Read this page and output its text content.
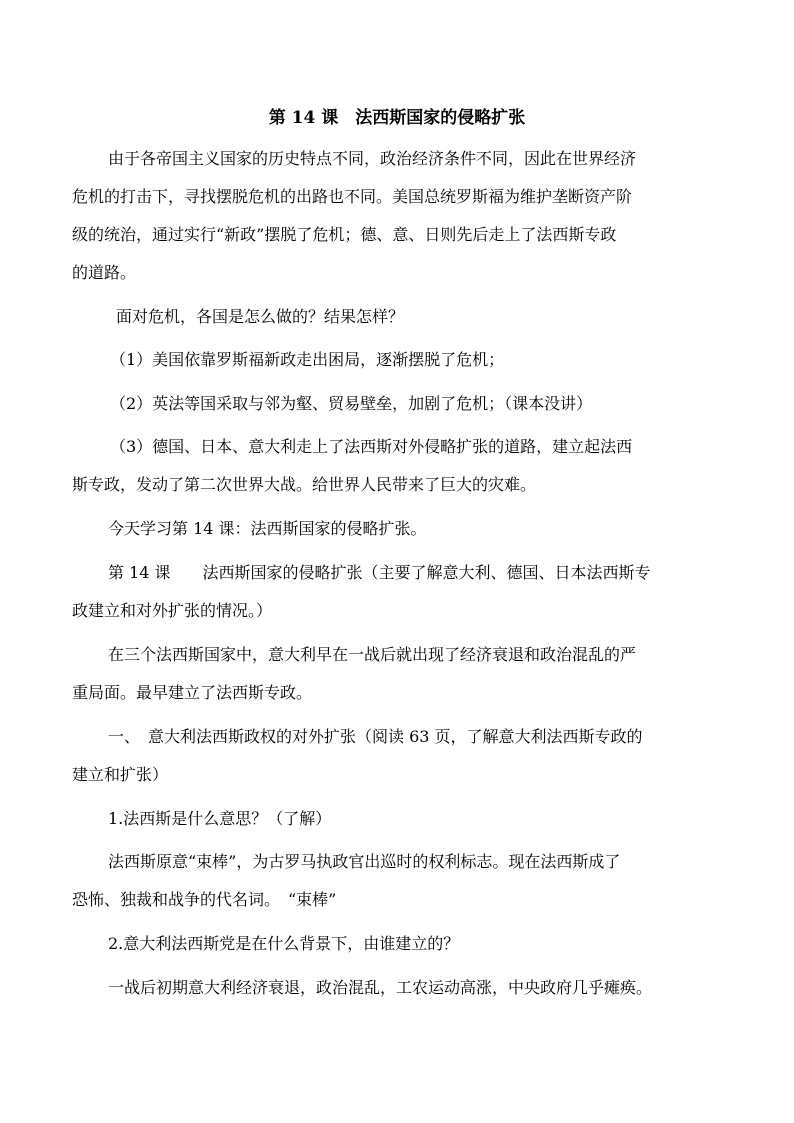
第 14 课　法西斯国家的侵略扩张
由于各帝国主义国家的历史特点不同，政治经济条件不同，因此在世界经济
危机的打击下，寻找摆脱危机的出路也不同。美国总统罗斯福为维护垄断资产阶
级的统治，通过实行“新政”摆脱了危机；德、意、日则先后走上了法西斯专政
的道路。
面对危机，各国是怎么做的？结果怎样？
（1）美国依靠罗斯福新政走出困局，逐渐摆脱了危机；
（2）英法等国采取与邻为壑、贸易壁垒，加剧了危机；（课本没讲）
（3）德国、日本、意大利走上了法西斯对外侵略扩张的道路，建立起法西
斯专政，发动了第二次世界大战。给世界人民带来了巨大的灾难。
今天学习第 14 课：法西斯国家的侵略扩张。
第 14 课　　法西斯国家的侵略扩张（主要了解意大利、德国、日本法西斯专
政建立和对外扩张的情况。）
在三个法西斯国家中，意大利早在一战后就出现了经济衰退和政治混乱的严
重局面。最早建立了法西斯专政。
一、　意大利法西斯政权的对外扩张（阅读 63 页，了解意大利法西斯专政的
建立和扩张）
1.法西斯是什么意思？（了解）
法西斯原意“束棒”，为古罗马执政官出巡时的权利标志。现在法西斯成了
恐怖、独裁和战争的代名词。　“束棒”
2.意大利法西斯党是在什么背景下，由谁建立的？
一战后初期意大利经济衰退，政治混乱，工农运动高涨，中央政府几乎瘫痪。
